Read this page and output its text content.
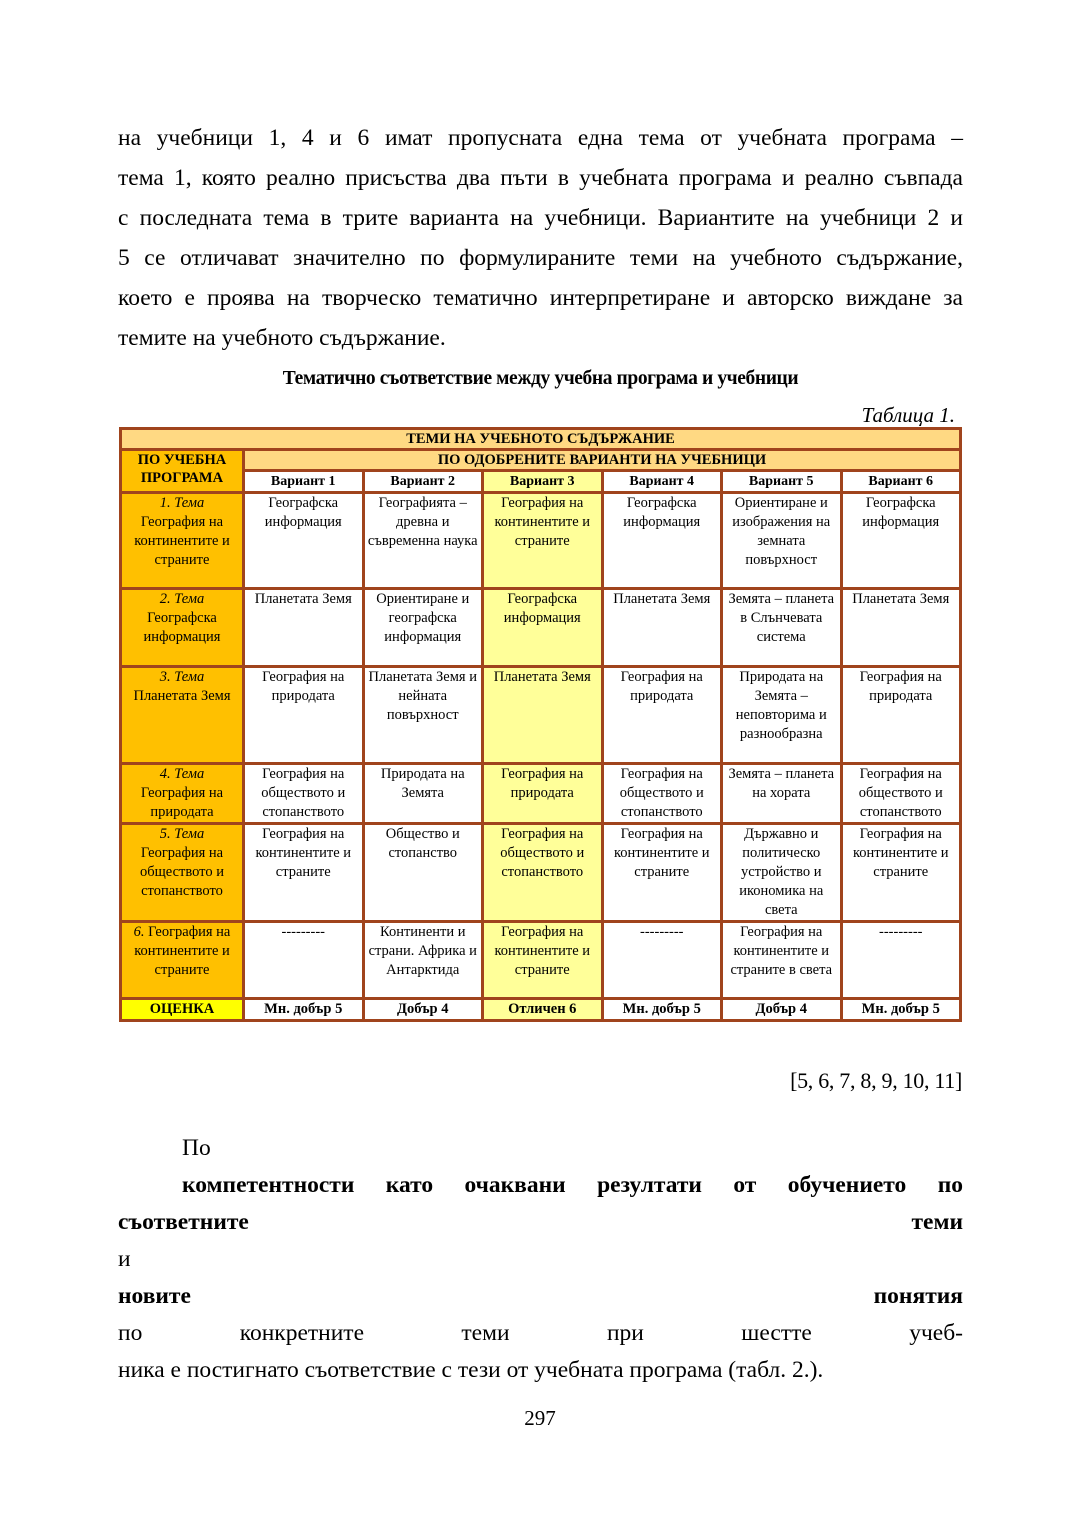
на учебници 1, 4 и 6 имат пропусната една тема от учебната програма –
тема 1, която реално присъства два пъти в учебната програма и реално съвпада
с последната тема в трите варианта на учебници. Вариантите на учебници 2 и
5 се отличават значително по формулираните теми на учебното съдържание,
което е проява на творческо тематично интерпретиране и авторско виждане за
темите на учебното съдържание.
Тематично съответствие между учебна програма и учебници
Таблица 1.
ТЕМИ НА УЧЕБНОТО СЪДЪРЖАНИЕ						
ПО УЧЕБНА ПРОГРАМА	ПО ОДОБРЕНИТЕ ВАРИАНТИ НА УЧЕБНИЦИ					
	Вариант 1	Вариант 2	Вариант 3	Вариант 4	Вариант 5	Вариант 6
1. Тема
География на континентите и страните	Географска информация	Географията – древна и съвременна наука	География на континентите и страните	Географска информация	Ориентиране и изображения на земната повърхност	Географска информация
2. Тема
Географска информация	Планетата Земя	Ориентиране и географска информация	Географска информация	Планетата Земя	Земята – планета в Слънчевата система	Планетата Земя
3. Тема
Планетата Земя	География на природата	Планетата Земя и нейната повърхност	Планетата Земя	География на природата	Природата на Земята – неповторима и разнообразна	География на природата
4. Тема
География на природата	География на обществото и стопанството	Природата на Земята	География на природата	География на обществото и стопанството	Земята – планета на хората	География на обществото и стопанството
5. Тема
География на обществото и стопанството	География на континентите и страните	Общество и стопанство	География на обществото и стопанството	География на континентите и страните	Държавно и политическо устройство и икономика на света	География на континентите и страните
6. География на континентите и страните	---------	Континенти и страни. Африка и Антарктида	География на континентите и страните	---------	География на континентите и страните в света	---------
ОЦЕНКА	Мн. добър 5	Добър 4	Отличен 6	Мн. добър 5	Добър 4	Мн. добър 5
[5, 6, 7, 8, 9, 10, 11]
По
компетентности като очаквани резултати от обучението по
съответните теми
и
новите понятия
по конкретните теми при шестте учеб-
ника е постигнато съответствие с тези от учебната програма (табл. 2.).
297
